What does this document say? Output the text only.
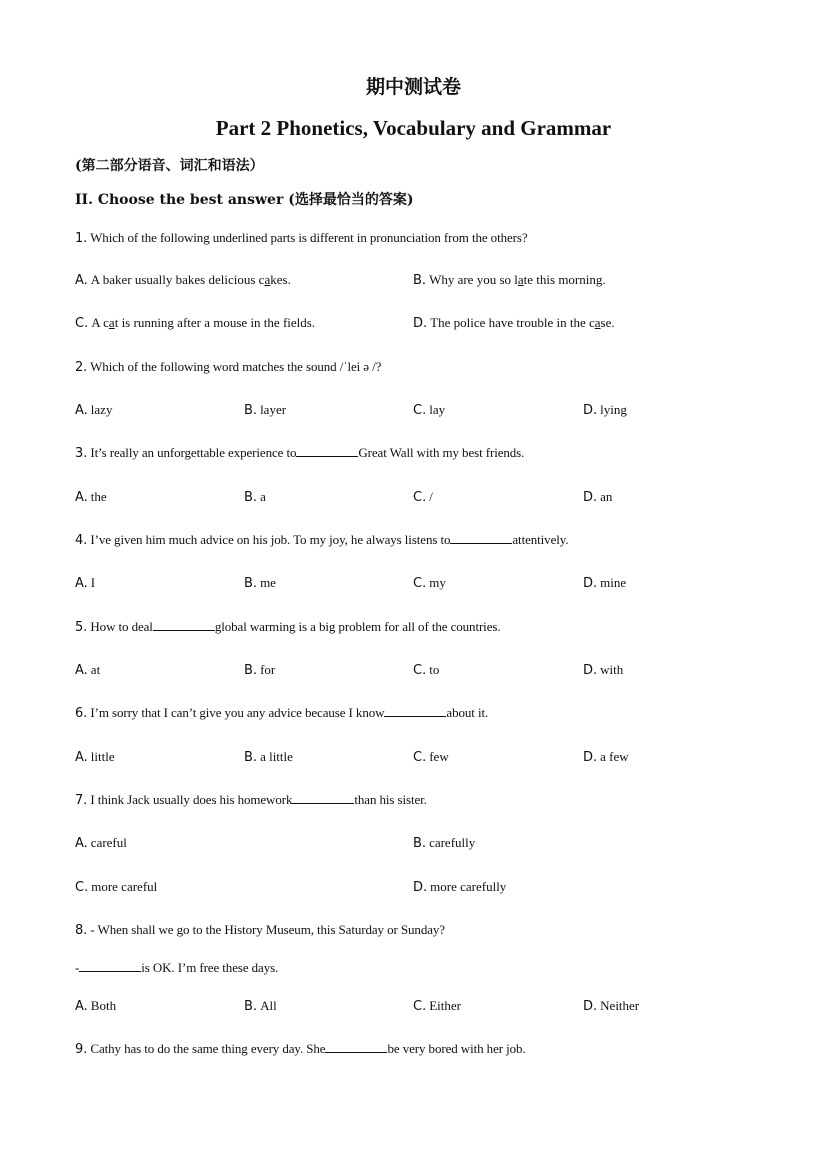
期中测试卷
Part 2 Phonetics, Vocabulary and Grammar
(第二部分语音、词汇和语法）
II. Choose the best answer (选择最恰当的答案)
1. Which of the following underlined parts is different in pronunciation from the others?
A. A baker usually bakes delicious cakes.	B. Why are you so late this morning.
C. A cat is running after a mouse in the fields.	D. The police have trouble in the case.
2. Which of the following word matches the sound /ˈlei ə /?
A. lazy	B. layer	C. lay	D. lying
3. It’s really an unforgettable experience to	Great Wall with my best friends.
A. the	B. a	C. /	D. an
4. I’ve given him much advice on his job. To my joy, he always listens to	attentively.
A. I	B. me	C. my	D. mine
5. How to deal	global warming is a big problem for all of the countries.
A. at	B. for	C. to	D. with
6. I’m sorry that I can’t give you any advice because I know	about it.
A. little	B. a little	C. few	D. a few
7. I think Jack usually does his homework	than his sister.
A. careful	B. carefully
C. more careful	D. more carefully
8. - When shall we go to the History Museum, this Saturday or Sunday?
-	is OK. I’m free these days.
A. Both	B. All	C. Either	D. Neither
9. Cathy has to do the same thing every day. She	be very bored with her job.
